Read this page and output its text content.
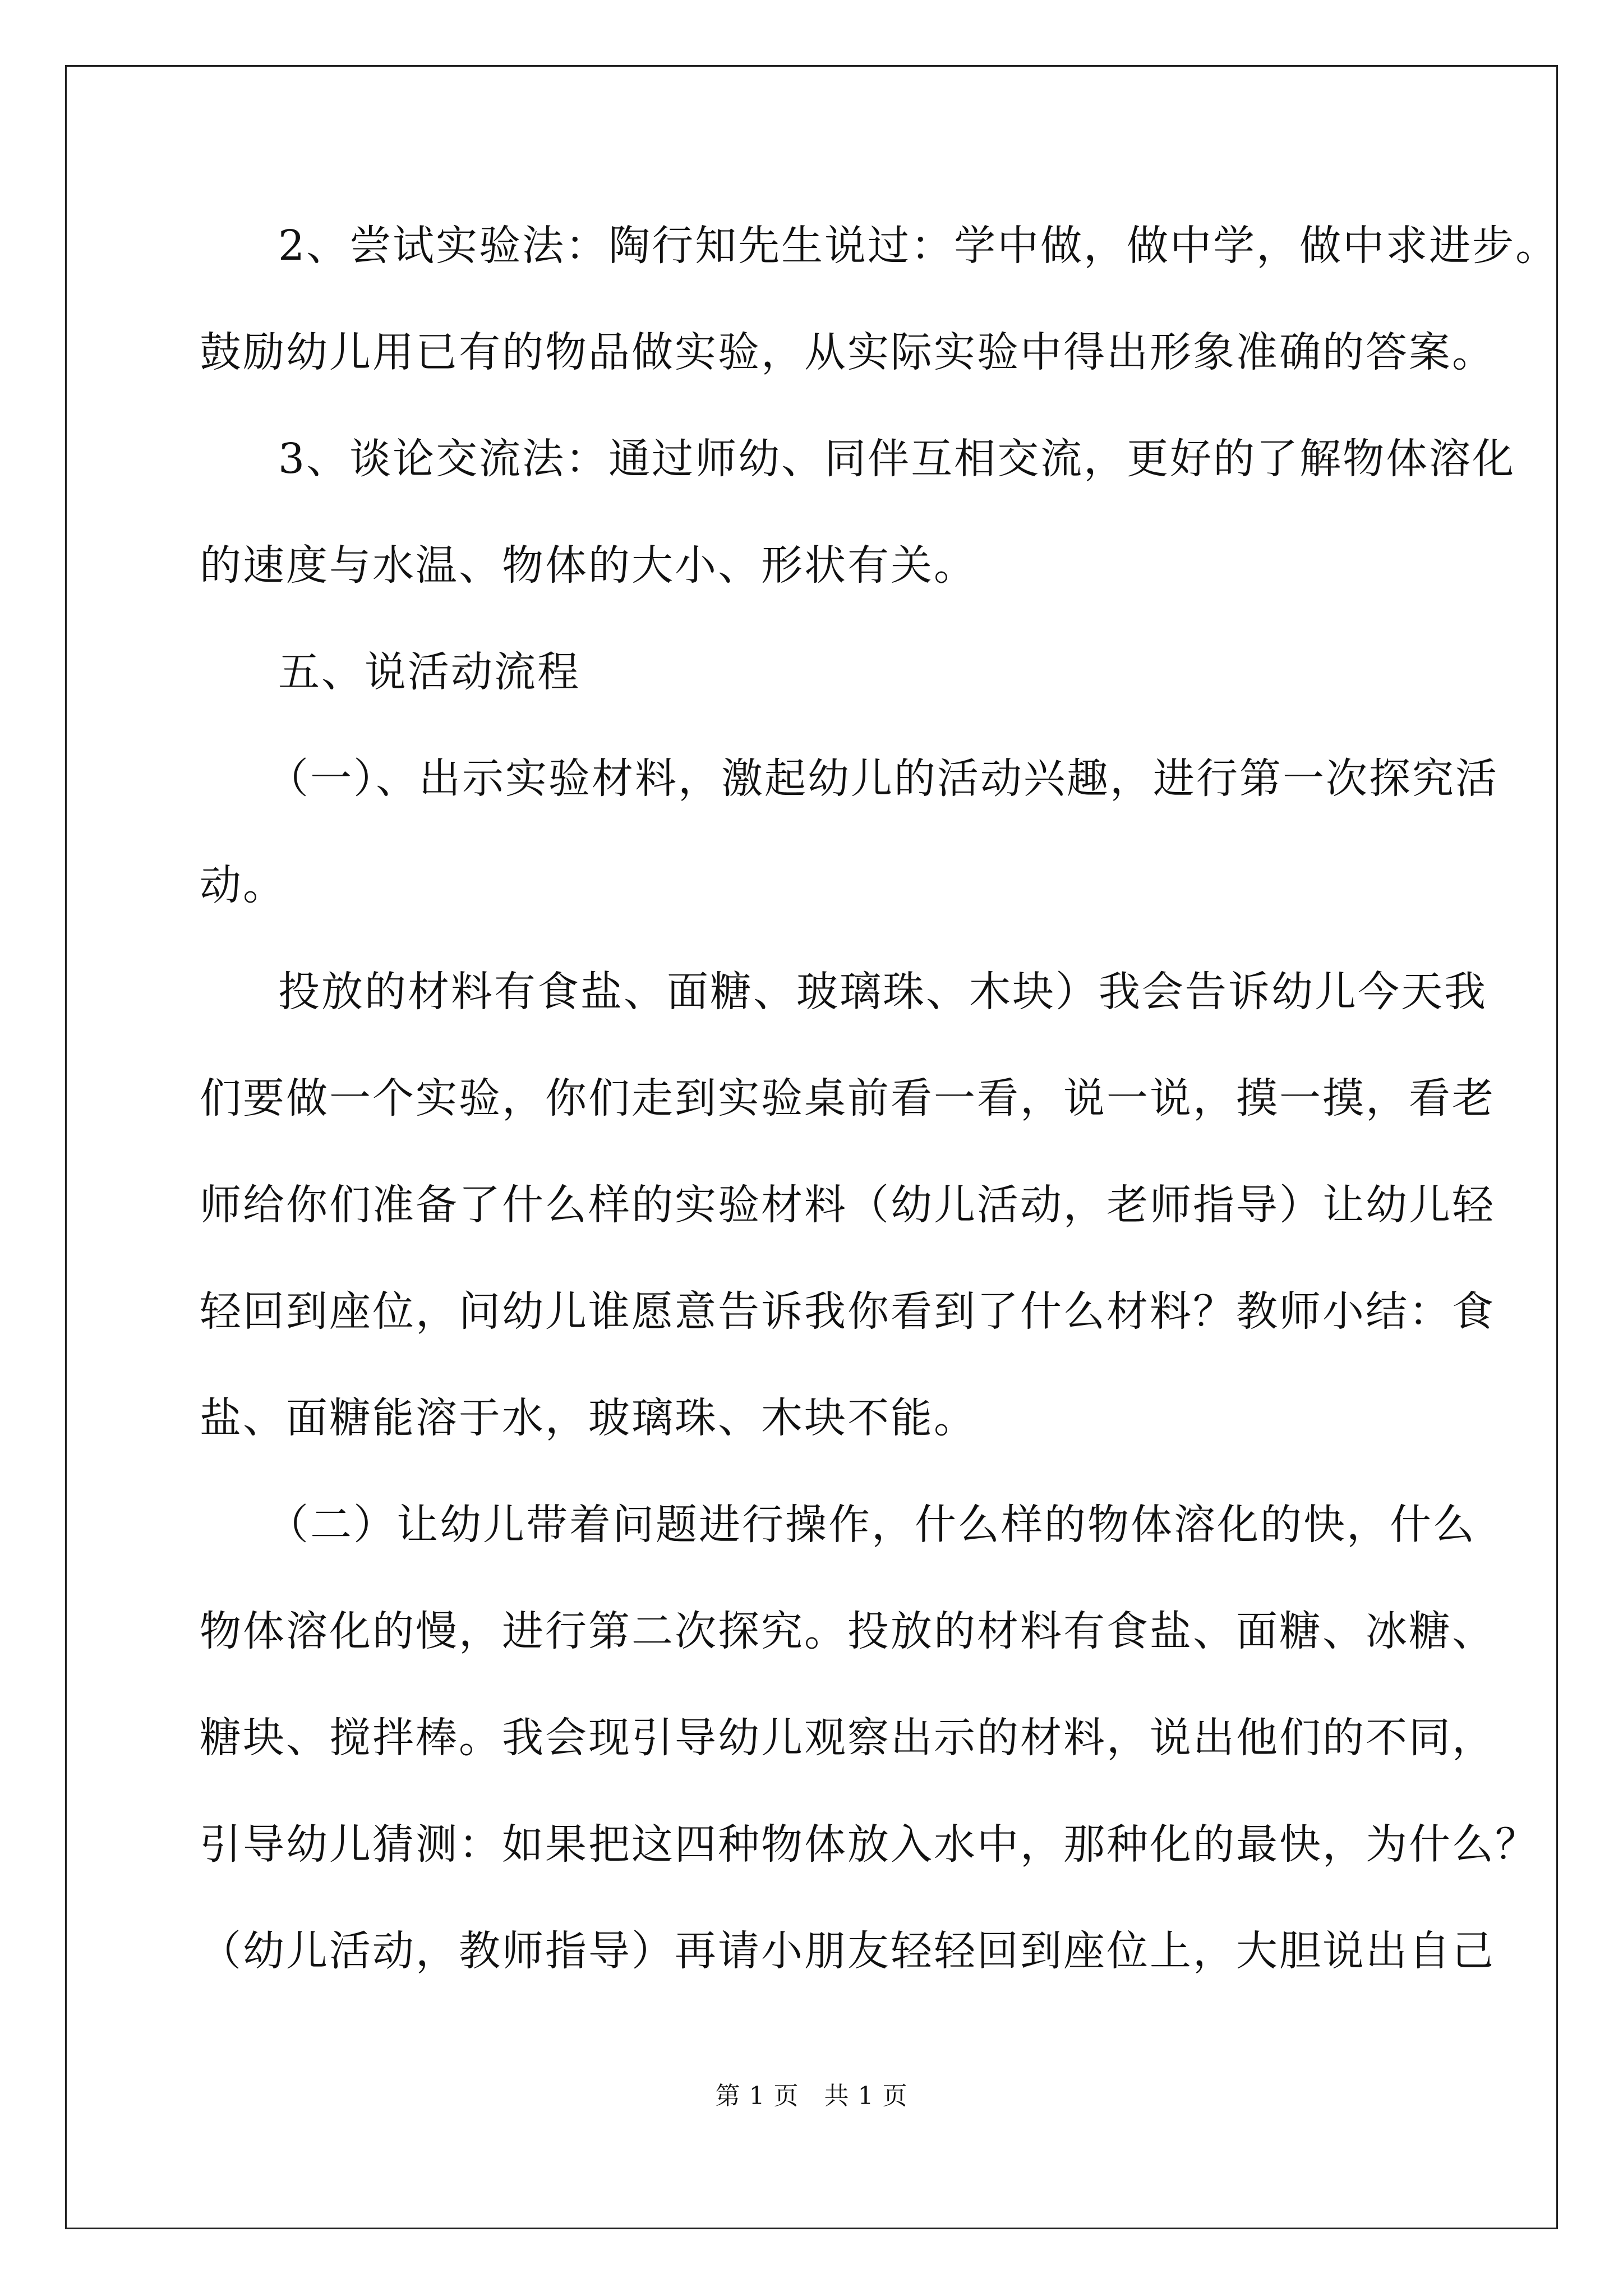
2、尝试实验法：陶行知先生说过：学中做，做中学，做中求进步。
鼓励幼儿用已有的物品做实验，从实际实验中得出形象准确的答案。
3、谈论交流法：通过师幼、同伴互相交流，更好的了解物体溶化
的速度与水温、物体的大小、形状有关。
五、说活动流程
（一）、出示实验材料，激起幼儿的活动兴趣，进行第一次探究活
动。
投放的材料有食盐、面糖、玻璃珠、木块）我会告诉幼儿今天我
们要做一个实验，你们走到实验桌前看一看，说一说，摸一摸，看老
师给你们准备了什么样的实验材料（幼儿活动，老师指导）让幼儿轻
轻回到座位，问幼儿谁愿意告诉我你看到了什么材料？教师小结：食
盐、面糖能溶于水，玻璃珠、木块不能。
（二）让幼儿带着问题进行操作，什么样的物体溶化的快，什么
物体溶化的慢，进行第二次探究。投放的材料有食盐、面糖、冰糖、
糖块、搅拌棒。我会现引导幼儿观察出示的材料，说出他们的不同，
引导幼儿猜测：如果把这四种物体放入水中，那种化的最快，为什么？
（幼儿活动，教师指导）再请小朋友轻轻回到座位上，大胆说出自己
第 1 页　共 1 页
